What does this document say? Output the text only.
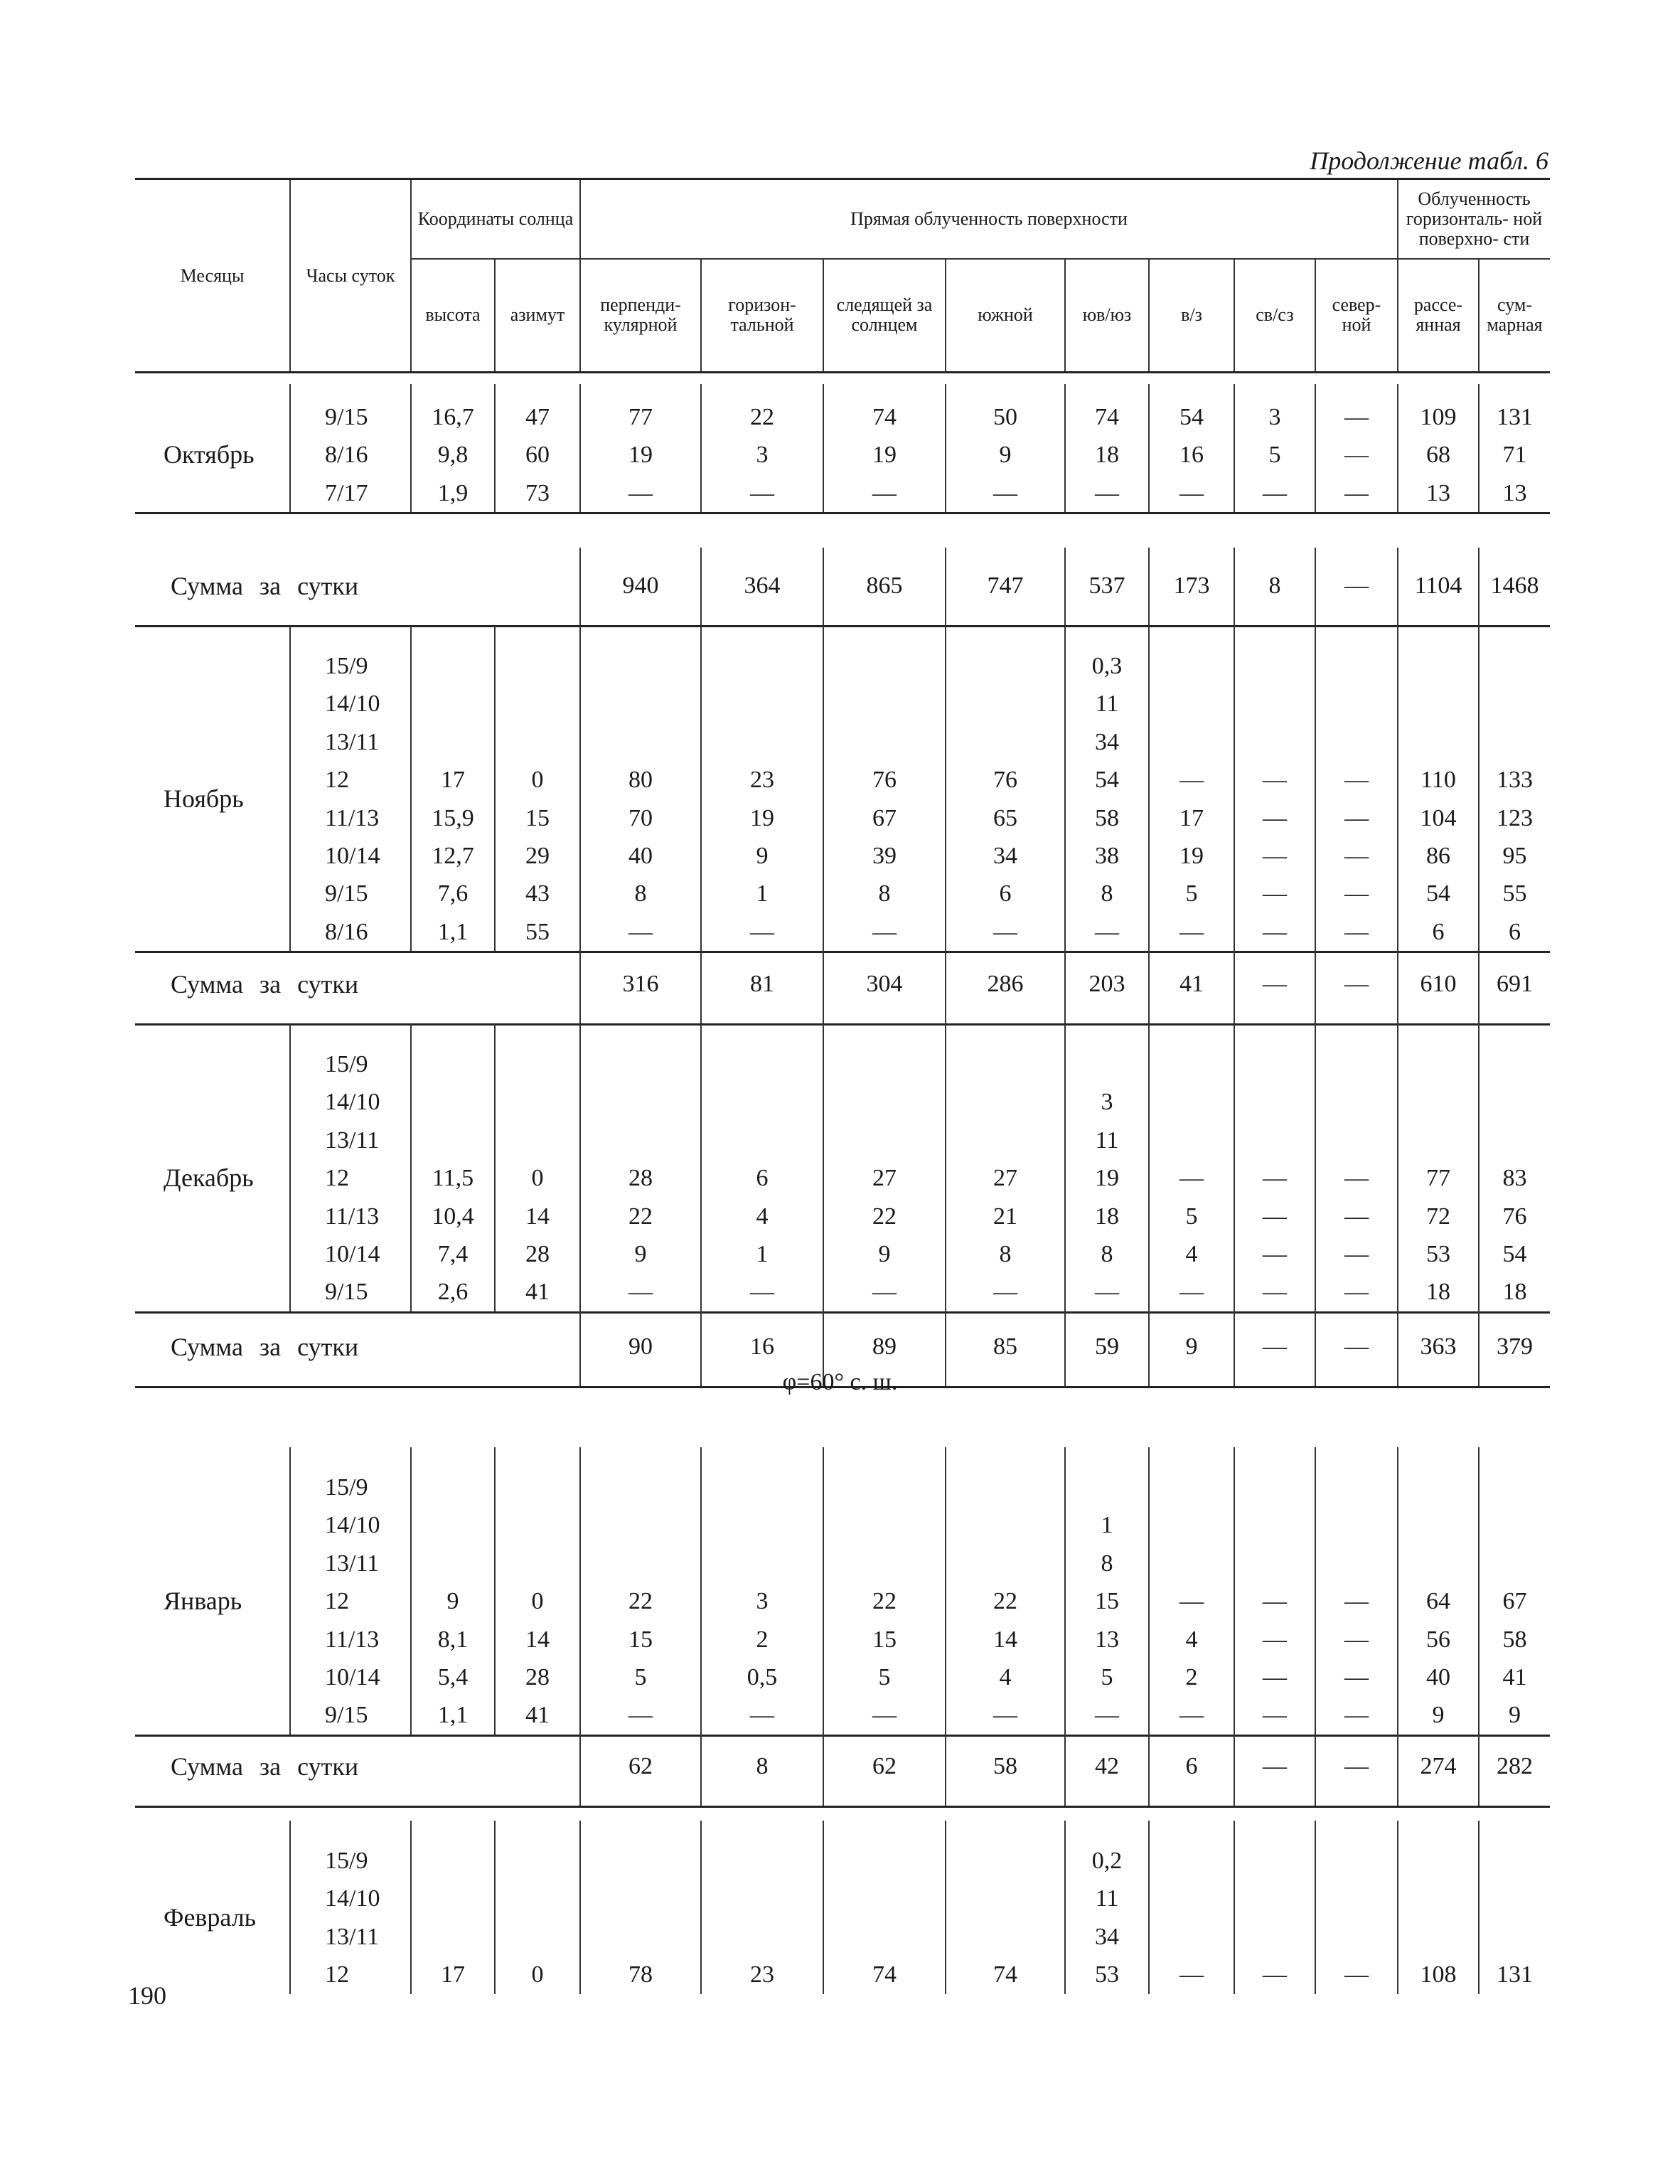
Продолжение табл. 6
Месяцы	Часы суток	Координаты солнца		Прямая облученность поверхности								Облученность горизонталь- ной поверхно- сти	
		высота	азимут	перпенди- кулярной	горизон- тальной	следящей за солнцем	южной	юв/юз	в/з	св/сз	север- ной	рассе- янная	сум- марная

Октябрь	9/15	16,7	47	77	22	74	50	74	54	3	—	109	131
	8/16	9,8	60	19	3	19	9	18	16	5	—	68	71
	7/17	1,9	73	—	—	—	—	—	—	—	—	13	13
Сумма за сутки	940	364	865	747	537	173	8	—	1104	1468

Ноябрь	15/9							0,3					
	14/10							11					
	13/11							34					
	12	17	0	80	23	76	76	54	—	—	—	110	133
	11/13	15,9	15	70	19	67	65	58	17	—	—	104	123
	10/14	12,7	29	40	9	39	34	38	19	—	—	86	95
	9/15	7,6	43	8	1	8	6	8	5	—	—	54	55
	8/16	1,1	55	—	—	—	—	—	—	—	—	6	6
Сумма за сутки	316	81	304	286	203	41	—	—	610	691

Декабрь	15/9												
	14/10							3					
	13/11							11					
	12	11,5	0	28	6	27	27	19	—	—	—	77	83
	11/13	10,4	14	22	4	22	21	18	5	—	—	72	76
	10/14	7,4	28	9	1	9	8	8	4	—	—	53	54
	9/15	2,6	41	—	—	—	—	—	—	—	—	18	18
Сумма за сутки	90	16	89	85	59	9	—	—	363	379

Январь	15/9												
	14/10							1					
	13/11							8					
	12	9	0	22	3	22	22	15	—	—	—	64	67
	11/13	8,1	14	15	2	15	14	13	4	—	—	56	58
	10/14	5,4	28	5	0,5	5	4	5	2	—	—	40	41
	9/15	1,1	41	—	—	—	—	—	—	—	—	9	9
Сумма за сутки	62	8	62	58	42	6	—	—	274	282

Февраль	15/9							0,2					
	14/10							11					
	13/11							34					
	12	17	0	78	23	74	74	53	—	—	—	108	131
φ=60° с. ш.
190
